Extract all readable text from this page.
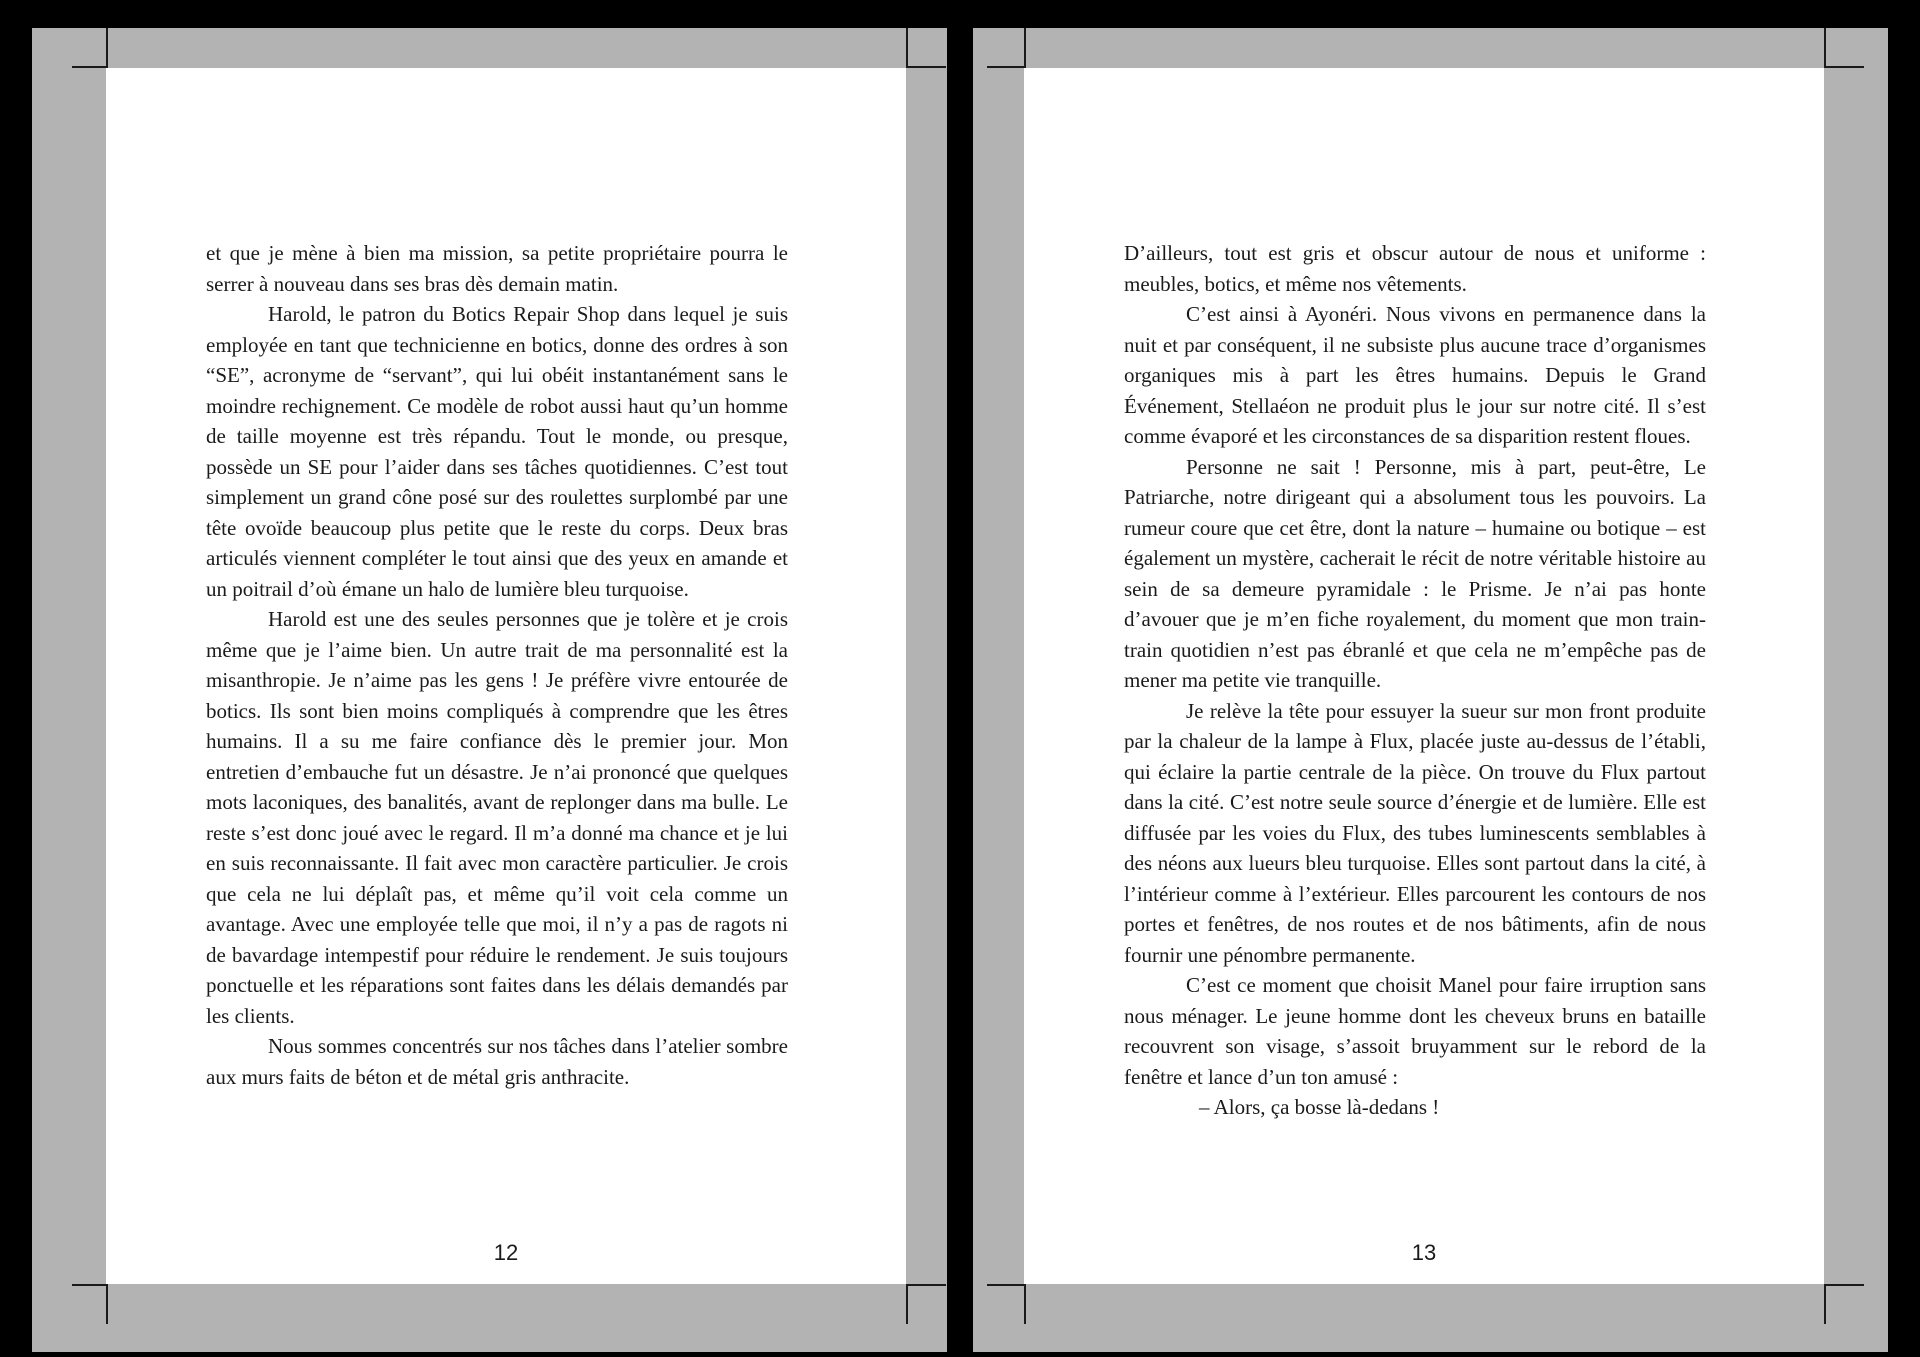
et que je mène à bien ma mission, sa petite propriétaire pourra le serrer à nouveau dans ses bras dès demain matin.

Harold, le patron du Botics Repair Shop dans lequel je suis employée en tant que technicienne en botics, donne des ordres à son “SE”, acronyme de “servant”, qui lui obéit instantanément sans le moindre rechignement. Ce modèle de robot aussi haut qu’un homme de taille moyenne est très répandu. Tout le monde, ou presque, possède un SE pour l’aider dans ses tâches quotidiennes. C’est tout simplement un grand cône posé sur des roulettes surplombé par une tête ovoïde beaucoup plus petite que le reste du corps. Deux bras articulés viennent compléter le tout ainsi que des yeux en amande et un poitrail d’où émane un halo de lumière bleu turquoise.

Harold est une des seules personnes que je tolère et je crois même que je l’aime bien. Un autre trait de ma personnalité est la misanthropie. Je n’aime pas les gens ! Je préfère vivre entourée de botics. Ils sont bien moins compliqués à comprendre que les êtres humains. Il a su me faire confiance dès le premier jour. Mon entretien d’embauche fut un désastre. Je n’ai prononcé que quelques mots laconiques, des banalités, avant de replonger dans ma bulle. Le reste s’est donc joué avec le regard. Il m’a donné ma chance et je lui en suis reconnaissante. Il fait avec mon caractère particulier. Je crois que cela ne lui déplaît pas, et même qu’il voit cela comme un avantage. Avec une employée telle que moi, il n’y a pas de ragots ni de bavardage intempestif pour réduire le rendement. Je suis toujours ponctuelle et les réparations sont faites dans les délais demandés par les clients.

Nous sommes concentrés sur nos tâches dans l’atelier sombre aux murs faits de béton et de métal gris anthracite.

12

D’ailleurs, tout est gris et obscur autour de nous et uniforme : meubles, botics, et même nos vêtements.

C’est ainsi à Ayonéri. Nous vivons en permanence dans la nuit et par conséquent, il ne subsiste plus aucune trace d’organismes organiques mis à part les êtres humains. Depuis le Grand Événement, Stellaéon ne produit plus le jour sur notre cité. Il s’est comme évaporé et les circonstances de sa disparition restent floues.

Personne ne sait ! Personne, mis à part, peut-être, Le Patriarche, notre dirigeant qui a absolument tous les pouvoirs. La rumeur coure que cet être, dont la nature – humaine ou botique – est également un mystère, cacherait le récit de notre véritable histoire au sein de sa demeure pyramidale : le Prisme. Je n’ai pas honte d’avouer que je m’en fiche royalement, du moment que mon train-train quotidien n’est pas ébranlé et que cela ne m’empêche pas de mener ma petite vie tranquille.

Je relève la tête pour essuyer la sueur sur mon front produite par la chaleur de la lampe à Flux, placée juste au-dessus de l’établi, qui éclaire la partie centrale de la pièce. On trouve du Flux partout dans la cité. C’est notre seule source d’énergie et de lumière. Elle est diffusée par les voies du Flux, des tubes luminescents semblables à des néons aux lueurs bleu turquoise. Elles sont partout dans la cité, à l’intérieur comme à l’extérieur. Elles parcourent les contours de nos portes et fenêtres, de nos routes et de nos bâtiments, afin de nous fournir une pénombre permanente.

C’est ce moment que choisit Manel pour faire irruption sans nous ménager. Le jeune homme dont les cheveux bruns en bataille recouvrent son visage, s’assoit bruyamment sur le rebord de la fenêtre et lance d’un ton amusé :

– Alors, ça bosse là-dedans !

13
